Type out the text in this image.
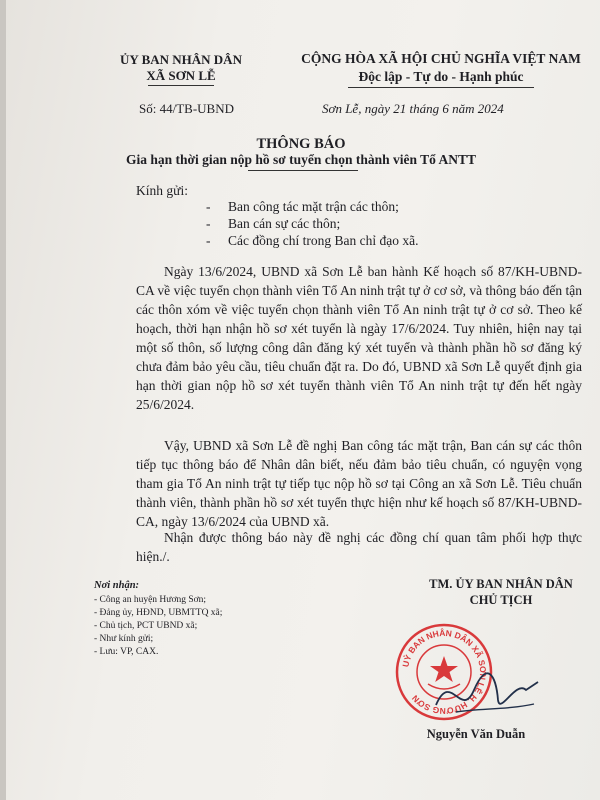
ỦY BAN NHÂN DÂN
XÃ SƠN LỄ
CỘNG HÒA XÃ HỘI CHỦ NGHĨA VIỆT NAM
Độc lập - Tự do - Hạnh phúc
Số: 44/TB-UBND	Sơn Lễ, ngày 21 tháng 6 năm 2024
THÔNG BÁO
Gia hạn thời gian nộp hồ sơ tuyển chọn thành viên Tổ ANTT
Kính gửi:
- Ban công tác mặt trận các thôn;
- Ban cán sự các thôn;
- Các đồng chí trong Ban chỉ đạo xã.
Ngày 13/6/2024, UBND xã Sơn Lễ ban hành Kế hoạch số 87/KH-UBND-CA về việc tuyển chọn thành viên Tổ An ninh trật tự ở cơ sở, và thông báo đến tận các thôn xóm về việc tuyển chọn thành viên Tổ An ninh trật tự ở cơ sở. Theo kế hoạch, thời hạn nhận hồ sơ xét tuyển là ngày 17/6/2024. Tuy nhiên, hiện nay tại một số thôn, số lượng công dân đăng ký xét tuyển và thành phần hồ sơ đăng ký chưa đảm bảo yêu cầu, tiêu chuẩn đặt ra. Do đó, UBND xã Sơn Lễ quyết định gia hạn thời gian nộp hồ sơ xét tuyển thành viên Tổ An ninh trật tự đến hết ngày 25/6/2024.
Vậy, UBND xã Sơn Lễ đề nghị Ban công tác mặt trận, Ban cán sự các thôn tiếp tục thông báo để Nhân dân biết, nếu đảm bảo tiêu chuẩn, có nguyện vọng tham gia Tổ An ninh trật tự tiếp tục nộp hồ sơ tại Công an xã Sơn Lễ. Tiêu chuẩn thành viên, thành phần hồ sơ xét tuyển thực hiện như kế hoạch số 87/KH-UBND-CA, ngày 13/6/2024 của UBND xã.
Nhận được thông báo này đề nghị các đồng chí quan tâm phối hợp thực hiện./.
Nơi nhận:
- Công an huyện Hương Sơn;
- Đảng ủy, HĐND, UBMTTQ xã;
- Chủ tịch, PCT UBND xã;
- Như kính gửi;
- Lưu: VP, CAX.
TM. ỦY BAN NHÂN DÂN
CHỦ TỊCH
UỶ BAN NHÂN DÂN XÃ SƠN LỄ H. HƯƠNG SƠN
Nguyễn Văn Duẫn
